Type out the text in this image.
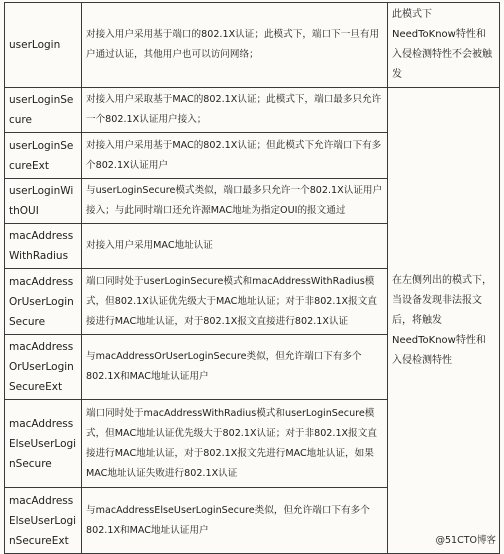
userLogin	对接入用户采用基于端口的802.1X认证；此模式下，端口下一旦有用户通过认证，其他用户也可以访问网络；	此模式下NeedToKnow特性和入侵检测特性不会被触发
userLoginSecure	对接入用户采取基于MAC的802.1X认证；此模式下，端口最多只允许一个802.1X认证用户接入；	在左侧列出的模式下，当设备发现非法报文后，将触发NeedToKnow特性和入侵检测特性
userLoginSecureExt	对接入用户采用基于MAC的802.1X认证；但此模式下允许端口下有多个802.1X认证用户	
userLoginWithOUI	与userLoginSecure模式类似，端口最多只允许一个802.1X认证用户接入；与此同时端口还允许源MAC地址为指定OUI的报文通过	
macAddressWithRadius	对接入用户采用MAC地址认证	
macAddressOrUserLoginSecure	端口同时处于userLoginSecure模式和macAddressWithRadius模式，但802.1X认证优先级大于MAC地址认证；对于非802.1X报文直接进行MAC地址认证，对于802.1X报文直接进行802.1X认证	
macAddressOrUserLoginSecureExt	与macAddressOrUserLoginSecure类似，但允许端口下有多个802.1X和MAC地址认证用户	
macAddressElseUserLoginSecure	端口同时处于macAddressWithRadius模式和userLoginSecure模式，但MAC地址认证优先级大于802.1X认证；对于非802.1X报文直接进行MAC地址认证，对于802.1X报文先进行MAC地址认证，如果MAC地址认证失败进行802.1X认证	
macAddressElseUserLoginSecureExt	与macAddressElseUserLoginSecure类似，但允许端口下有多个802.1X和MAC地址认证用户	
@51CTO博客
